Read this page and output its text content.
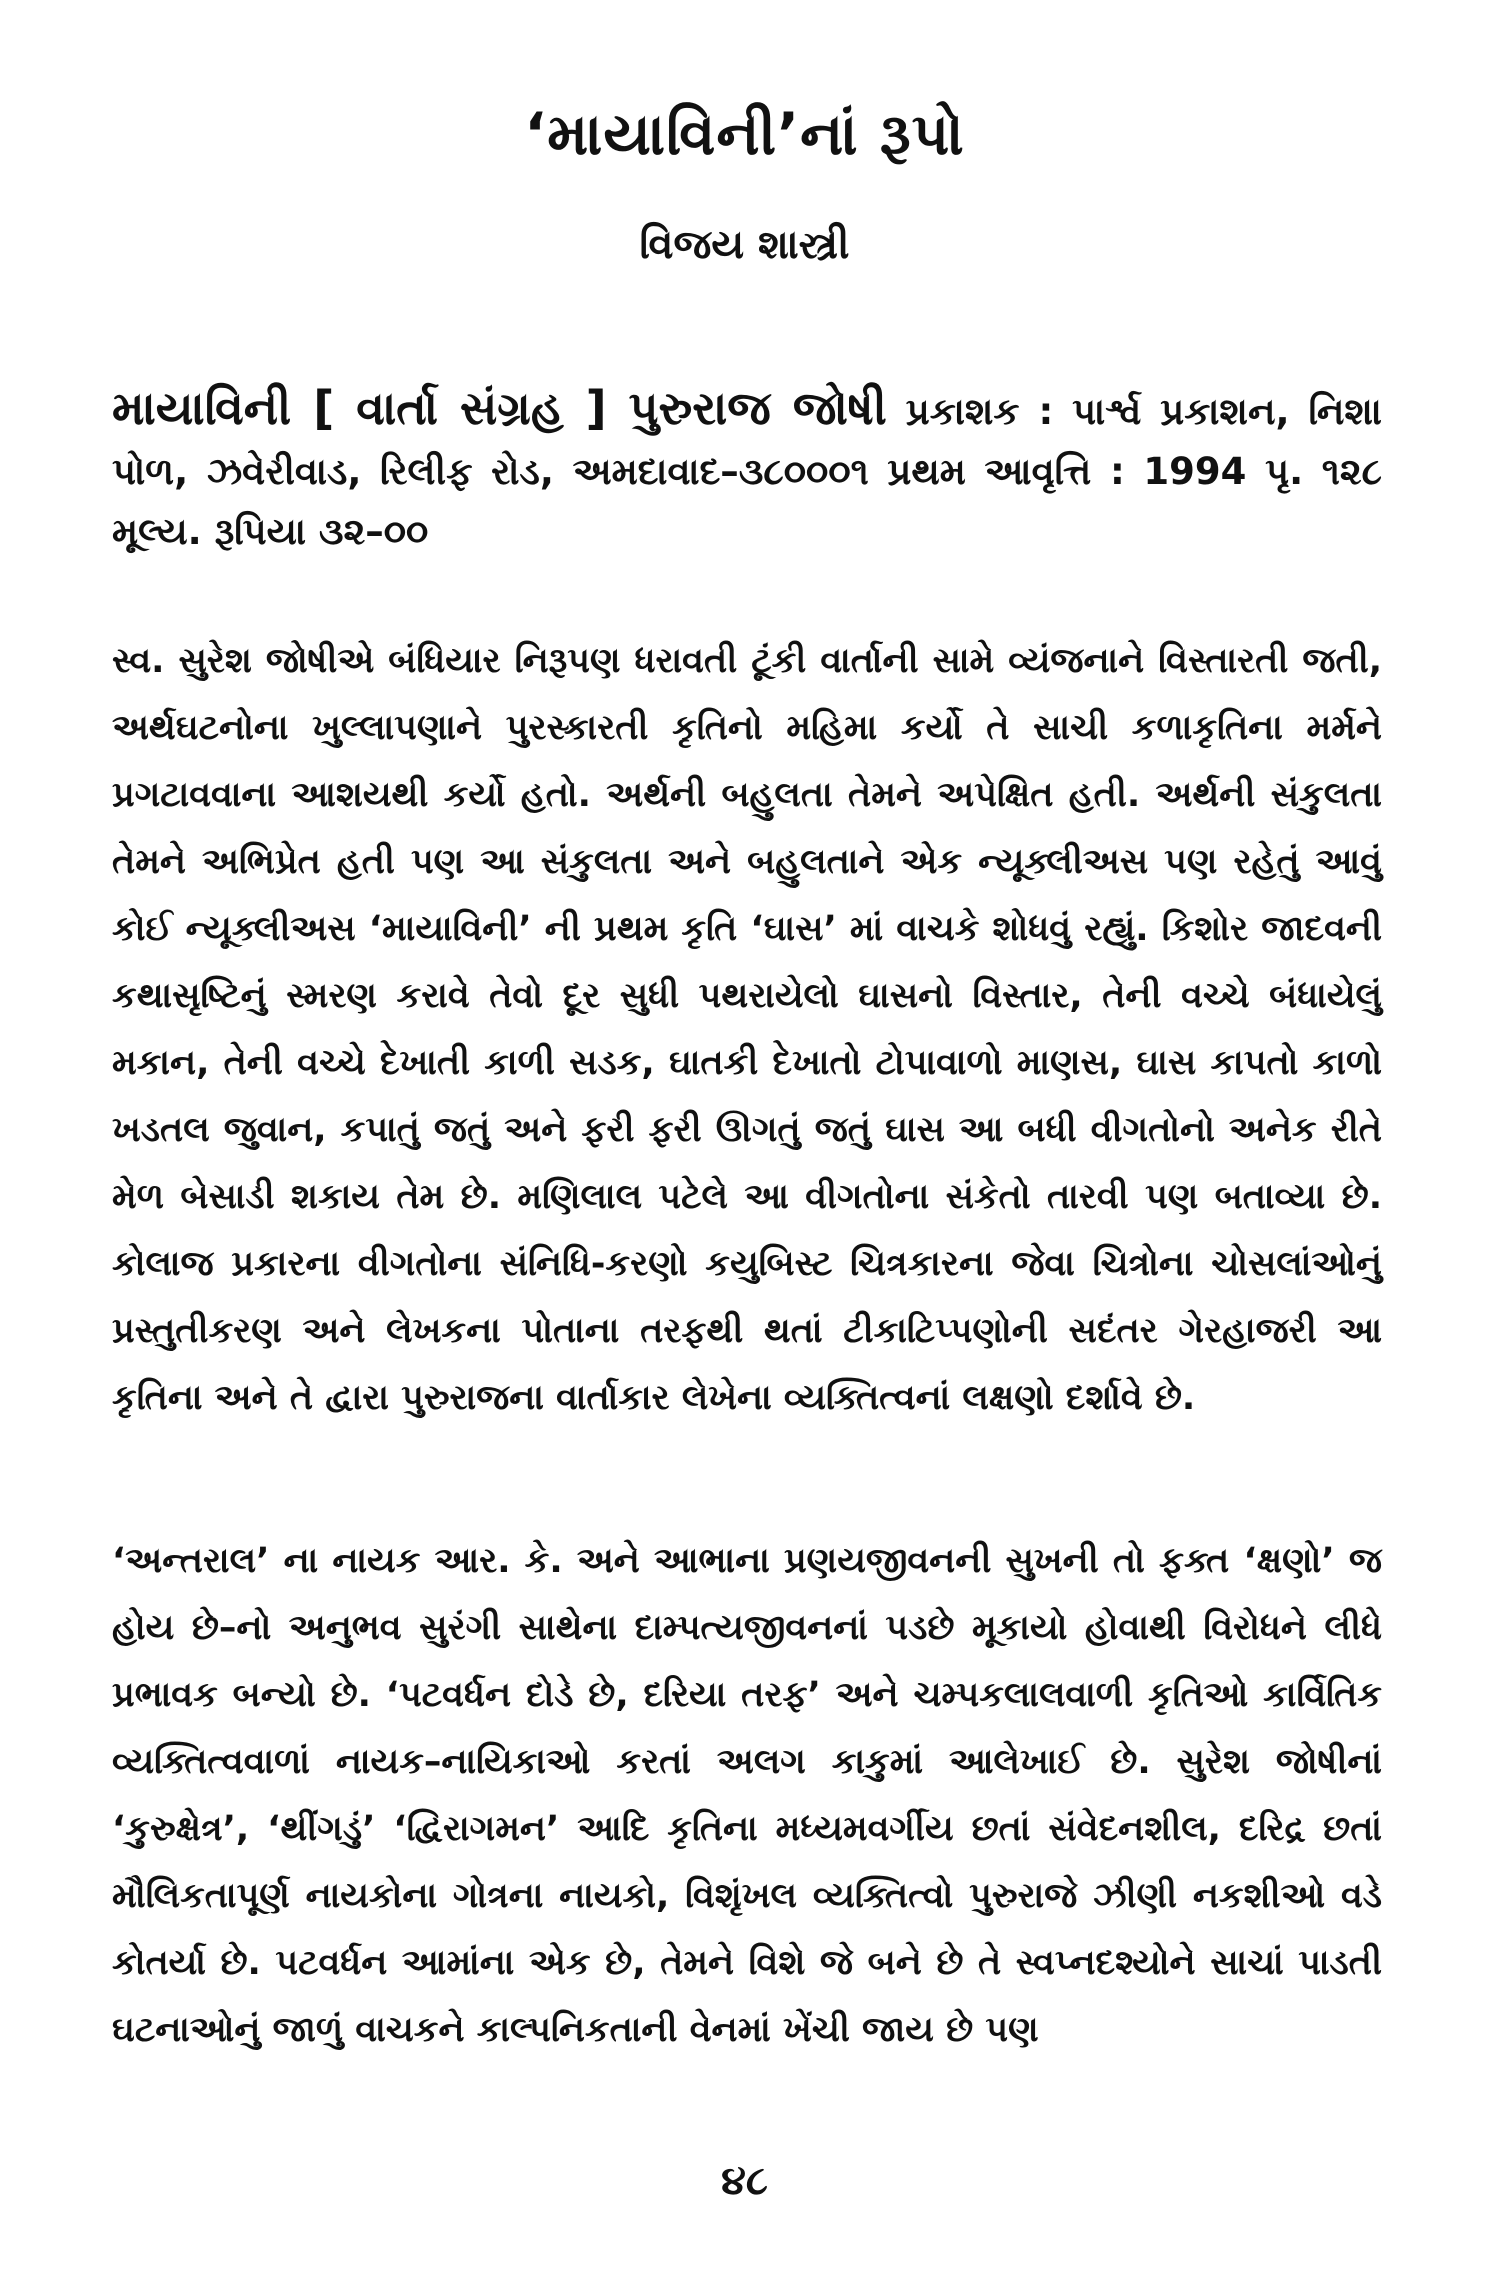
‘માયાવિની’નાં રૂપો
વિજય શાસ્ત્રી
માયાવિની [ વાર્તા સંગ્રહ ] પુરુરાજ જોષી પ્રકાશક : પાર્શ્વ પ્રકાશન, નિશા પોળ, ઝવેરીવાડ, રિલીફ રોડ, અમદાવાદ–૩૮૦૦૦૧ પ્રથમ આવૃત્તિ : 1994 પૃ. ૧૨૮ મૂલ્ય. રૂપિયા ૩૨–૦૦
સ્વ. સુરેશ જોષીએ બંધિયાર નિરૂપણ ધરાવતી ટૂંકી વાર્તાની સામે વ્યંજનાને વિસ્તારતી જતી, અર્થઘટનોના ખુલ્લાપણાને પુરસ્કારતી કૃતિનો મહિમા કર્યો તે સાચી કળાકૃતિના મર્મને પ્રગટાવવાના આશયથી કર્યો હતો. અર્થની બહુલતા તેમને અપેક્ષિત હતી. અર્થની સંકુલતા તેમને અભિપ્રેત હતી પણ આ સંકુલતા અને બહુલતાને એક ન્યૂક્લીઅસ પણ રહેતું આવું કોઈ ન્યૂક્લીઅસ ‘માયાવિની’ ની પ્રથમ કૃતિ ‘ઘાસ’ માં વાચકે શોધવું રહ્યું. કિશોર જાદવની કથાસૃષ્ટિનું સ્મરણ કરાવે તેવો દૂર સુધી પથરાયેલો ઘાસનો વિસ્તાર, તેની વચ્ચે બંધાયેલું મકાન, તેની વચ્ચે દેખાતી કાળી સડક, ઘાતકી દેખાતો ટોપાવાળો માણસ, ઘાસ કાપતો કાળો ખડતલ જુવાન, કપાતું જતું અને ફરી ફરી ઊગતું જતું ઘાસ આ બધી વીગતોનો અનેક રીતે મેળ બેસાડી શકાય તેમ છે. મણિલાલ પટેલે આ વીગતોના સંકેતો તારવી પણ બતાવ્યા છે. કોલાજ પ્રકારના વીગતોના સંનિધિ-કરણો કયુબિસ્ટ ચિત્રકારના જેવા ચિત્રોના ચોસલાંઓનું પ્રસ્તુતીકરણ અને લેખકના પોતાના તરફથી થતાં ટીકાટિપ્પણોની સદંતર ગેરહાજરી આ કૃતિના અને તે દ્વારા પુરુરાજના વાર્તાકાર લેખેના વ્યક્તિત્વનાં લક્ષણો દર્શાવે છે.
‘અન્તરાલ’ ના નાયક આર. કે. અને આભાના પ્રણયજીવનની સુખની તો ફક્ત ‘ક્ષણો’ જ હોય છે–નો અનુભવ સુરંગી સાથેના દામ્પત્યજીવનનાં પડછે મૂકાયો હોવાથી વિરોધને લીધે પ્રભાવક બન્યો છે. ‘પટવર્ધન દોડે છે, દરિયા તરફ’ અને ચમ્પકલાલવાળી કૃતિઓ કાર્વિતિક વ્યક્તિત્વવાળાં નાયક–નાયિકાઓ કરતાં અલગ કાકુમાં આલેખાઈ છે. સુરેશ જોષીનાં ‘કુરુક્ષેત્ર’, ‘થીંગડું’ ‘દ્વિરાગમન’ આદિ કૃતિના મધ્યમવર્ગીય છતાં સંવેદનશીલ, દરિદ્ર છતાં મૌલિકતાપૂર્ણ નાયકોના ગોત્રના નાયકો, વિશૃંખલ વ્યક્તિત્વો પુરુરાજે ઝીણી નકશીઓ વડે કોતર્યા છે. પટવર્ધન આમાંના એક છે, તેમને વિશે જે બને છે તે સ્વપ્નદશ્યોને સાચાં પાડતી ઘટનાઓનું જાળું વાચકને કાલ્પનિકતાની વેનમાં ખેંચી જાય છે પણ
૪૮
